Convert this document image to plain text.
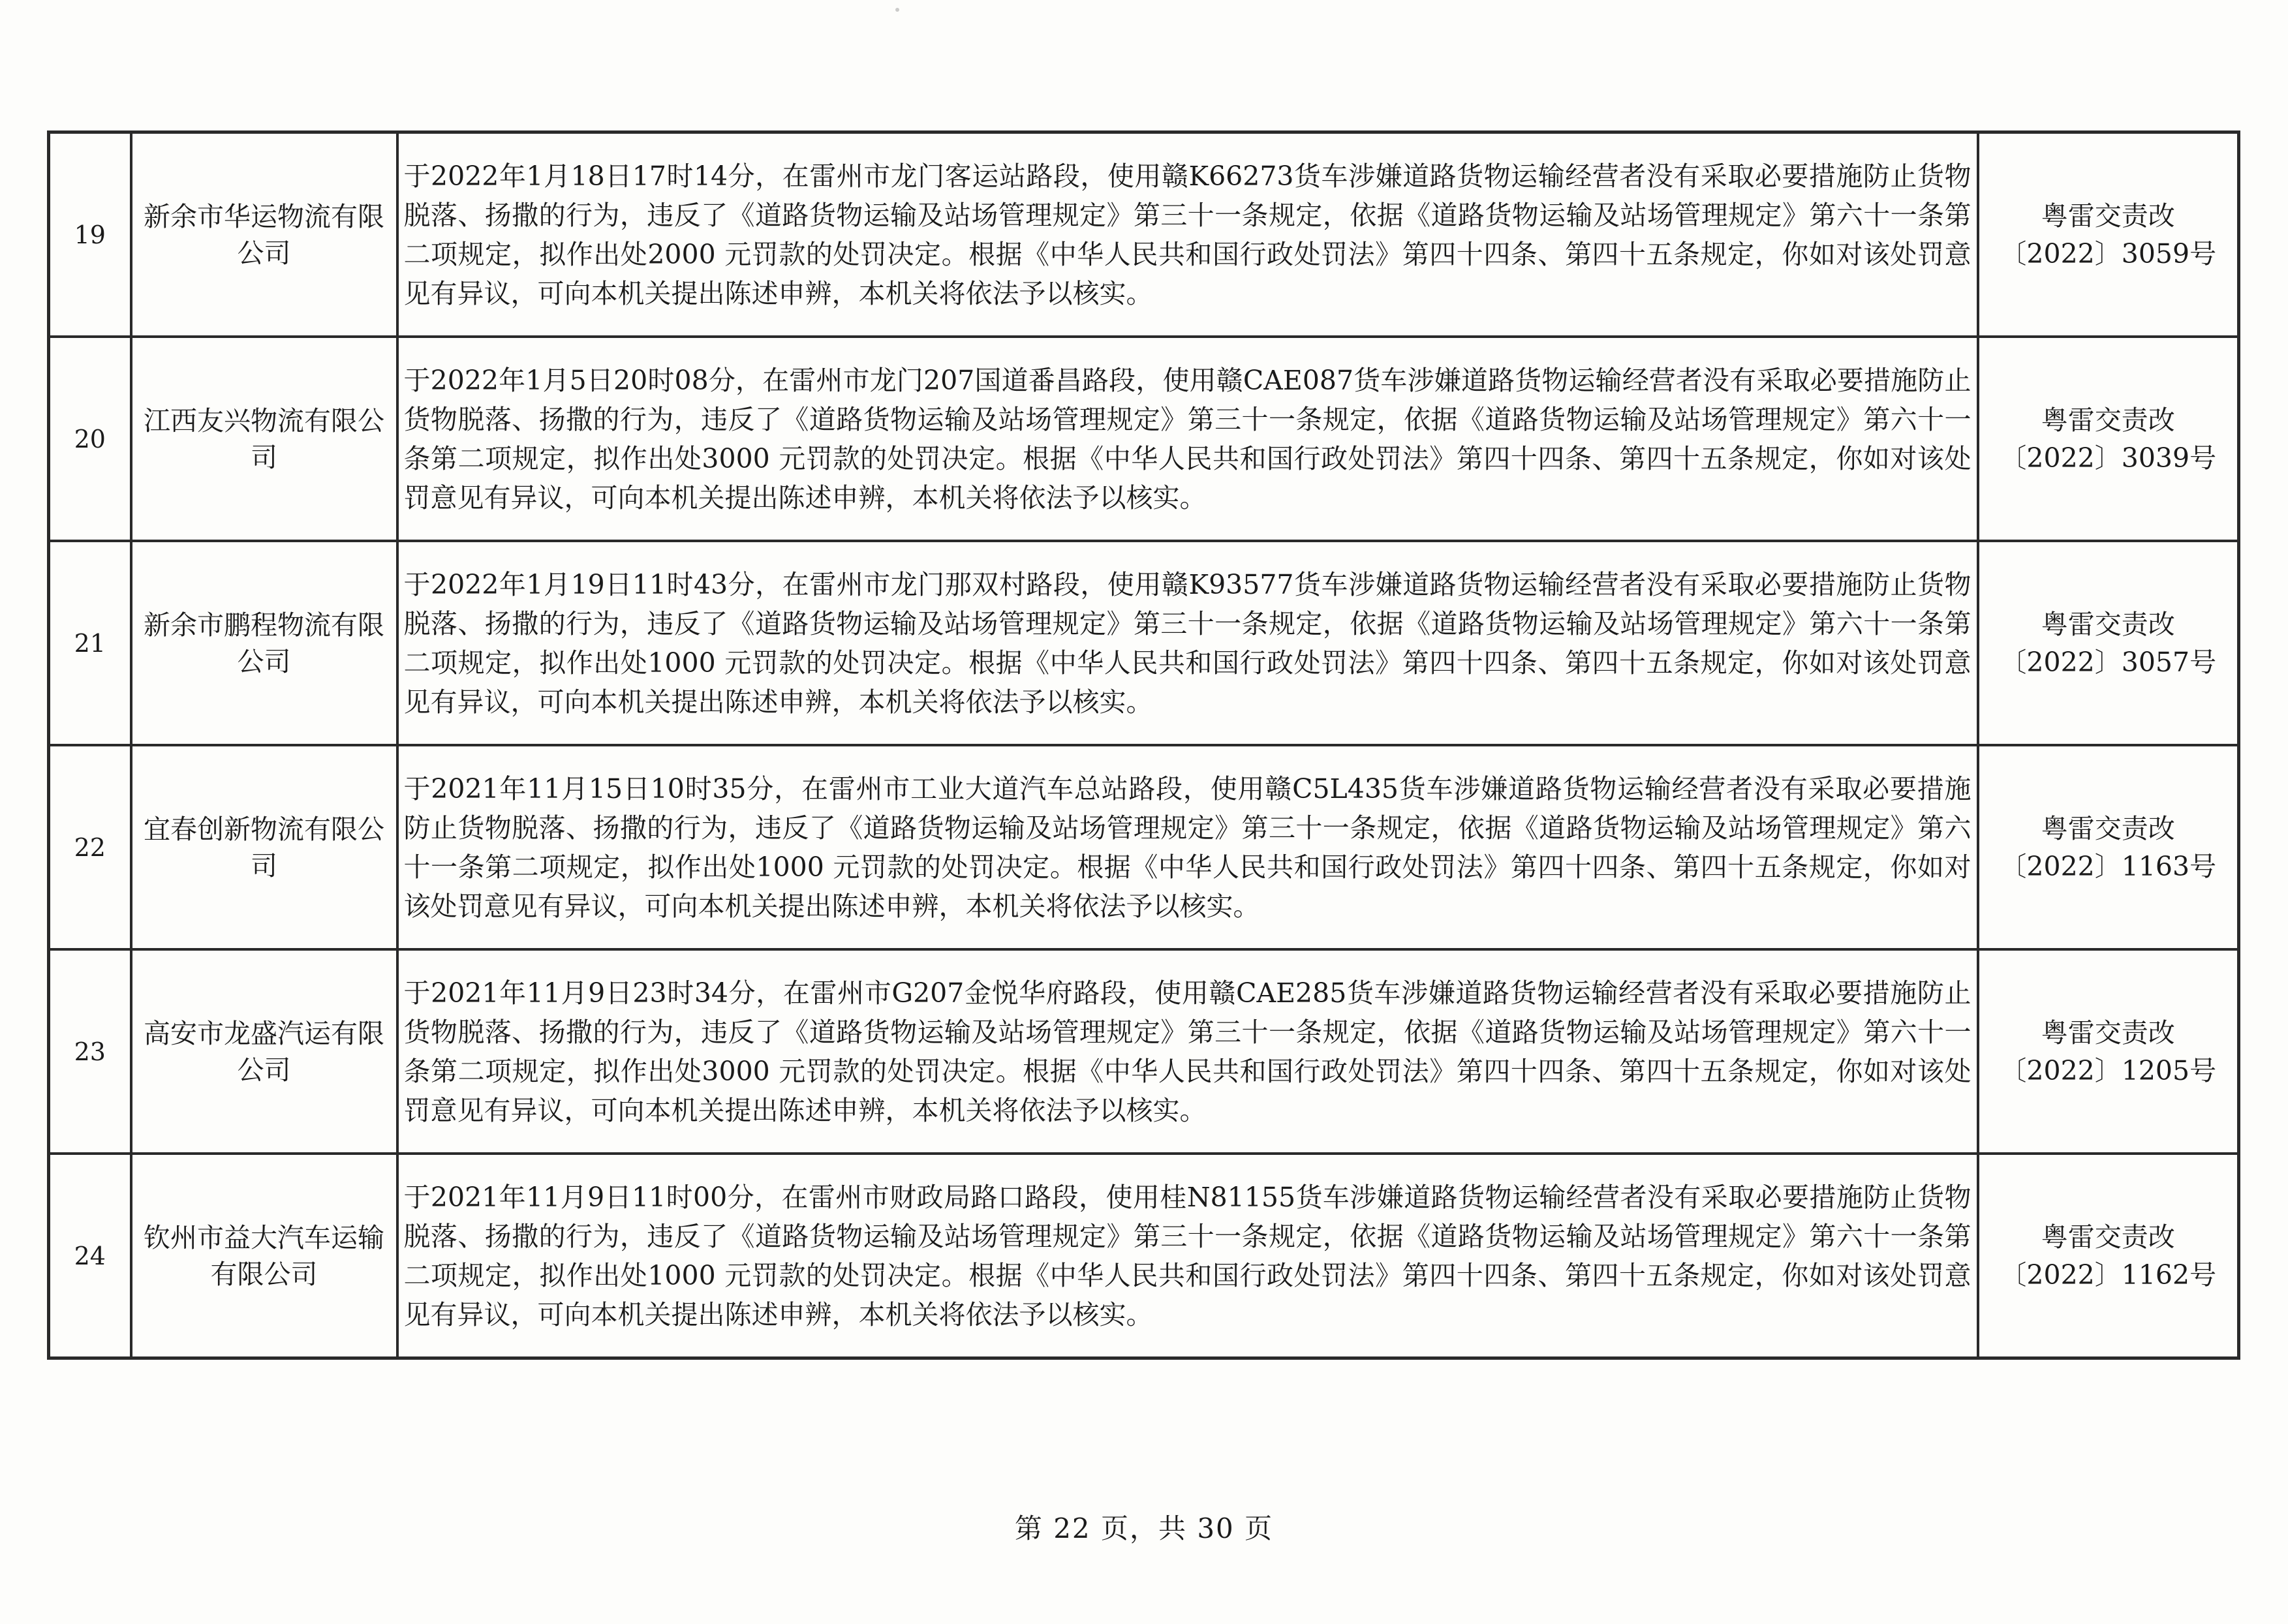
19	新余市华运物流有限公司	于2022年1月18日17时14分，在雷州市龙门客运站路段，使用赣K66273货车涉嫌道路货物运输经营者没有采取必要措施防止货物脱落、扬撒的行为，违反了《道路货物运输及站场管理规定》第三十一条规定，依据《道路货物运输及站场管理规定》第六十一条第二项规定，拟作出处2000 元罚款的处罚决定。根据《中华人民共和国行政处罚法》第四十四条、第四十五条规定，你如对该处罚意见有异议，可向本机关提出陈述申辨，本机关将依法予以核实。	粤雷交责改
〔2022〕3059号

20	江西友兴物流有限公司	于2022年1月5日20时08分，在雷州市龙门207国道番昌路段，使用赣CAE087货车涉嫌道路货物运输经营者没有采取必要措施防止货物脱落、扬撒的行为，违反了《道路货物运输及站场管理规定》第三十一条规定，依据《道路货物运输及站场管理规定》第六十一条第二项规定，拟作出处3000 元罚款的处罚决定。根据《中华人民共和国行政处罚法》第四十四条、第四十五条规定，你如对该处罚意见有异议，可向本机关提出陈述申辨，本机关将依法予以核实。	粤雷交责改
〔2022〕3039号

21	新余市鹏程物流有限公司	于2022年1月19日11时43分，在雷州市龙门那双村路段，使用赣K93577货车涉嫌道路货物运输经营者没有采取必要措施防止货物脱落、扬撒的行为，违反了《道路货物运输及站场管理规定》第三十一条规定，依据《道路货物运输及站场管理规定》第六十一条第二项规定，拟作出处1000 元罚款的处罚决定。根据《中华人民共和国行政处罚法》第四十四条、第四十五条规定，你如对该处罚意见有异议，可向本机关提出陈述申辨，本机关将依法予以核实。	粤雷交责改
〔2022〕3057号

22	宜春创新物流有限公司	于2021年11月15日10时35分，在雷州市工业大道汽车总站路段，使用赣C5L435货车涉嫌道路货物运输经营者没有采取必要措施防止货物脱落、扬撒的行为，违反了《道路货物运输及站场管理规定》第三十一条规定，依据《道路货物运输及站场管理规定》第六十一条第二项规定，拟作出处1000 元罚款的处罚决定。根据《中华人民共和国行政处罚法》第四十四条、第四十五条规定，你如对该处罚意见有异议，可向本机关提出陈述申辨，本机关将依法予以核实。	粤雷交责改
〔2022〕1163号

23	高安市龙盛汽运有限公司	于2021年11月9日23时34分，在雷州市G207金悦华府路段，使用赣CAE285货车涉嫌道路货物运输经营者没有采取必要措施防止货物脱落、扬撒的行为，违反了《道路货物运输及站场管理规定》第三十一条规定，依据《道路货物运输及站场管理规定》第六十一条第二项规定，拟作出处3000 元罚款的处罚决定。根据《中华人民共和国行政处罚法》第四十四条、第四十五条规定，你如对该处罚意见有异议，可向本机关提出陈述申辨，本机关将依法予以核实。	粤雷交责改
〔2022〕1205号

24	钦州市益大汽车运输有限公司	于2021年11月9日11时00分，在雷州市财政局路口路段，使用桂N81155货车涉嫌道路货物运输经营者没有采取必要措施防止货物脱落、扬撒的行为，违反了《道路货物运输及站场管理规定》第三十一条规定，依据《道路货物运输及站场管理规定》第六十一条第二项规定，拟作出处1000 元罚款的处罚决定。根据《中华人民共和国行政处罚法》第四十四条、第四十五条规定，你如对该处罚意见有异议，可向本机关提出陈述申辨，本机关将依法予以核实。	粤雷交责改
〔2022〕1162号
第 22 页，共 30 页
